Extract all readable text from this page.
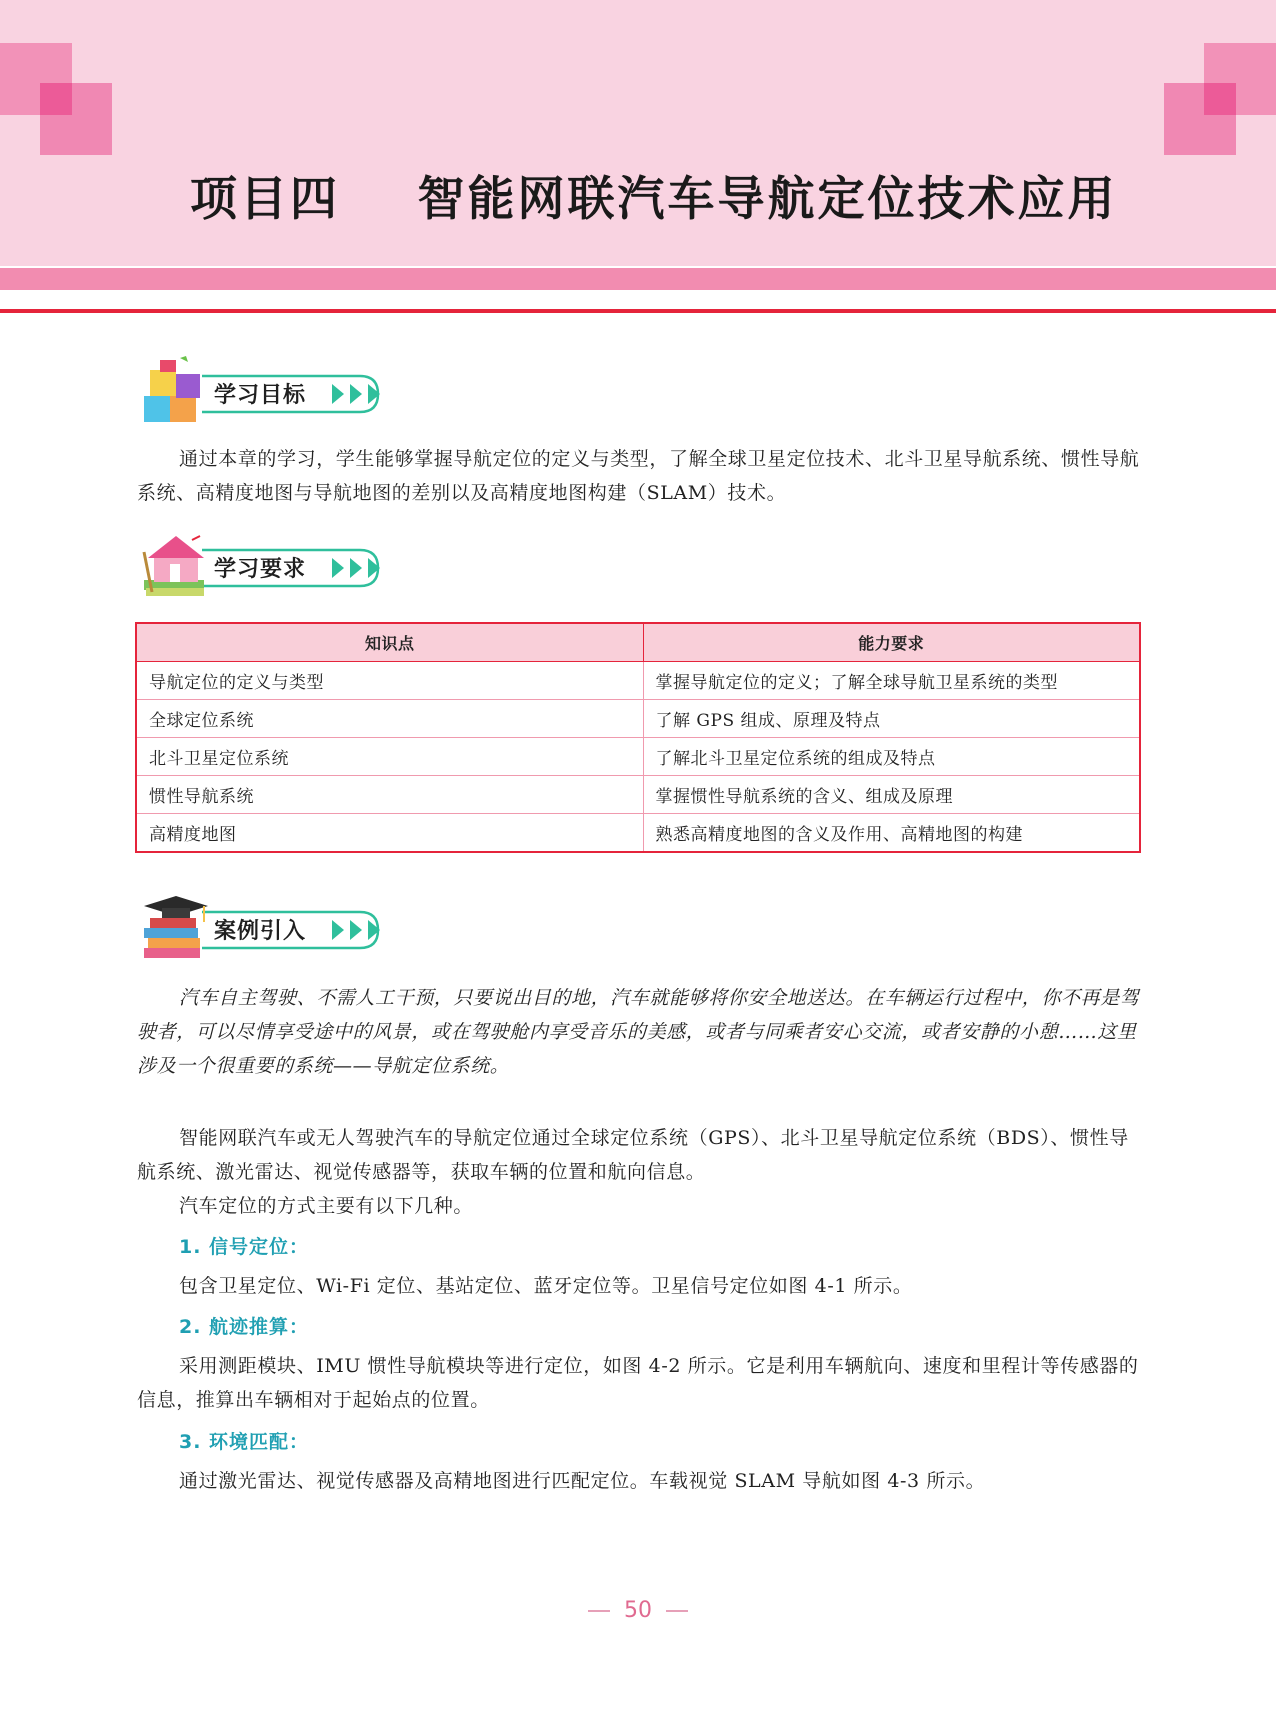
项目四    智能网联汽车导航定位技术应用
学习目标
通过本章的学习，学生能够掌握导航定位的定义与类型，了解全球卫星定位技术、北斗卫星导航系统、惯性导航系统、高精度地图与导航地图的差别以及高精度地图构建（SLAM）技术。
学习要求
知识点	能力要求
导航定位的定义与类型	掌握导航定位的定义；了解全球导航卫星系统的类型
全球定位系统	了解 GPS 组成、原理及特点
北斗卫星定位系统	了解北斗卫星定位系统的组成及特点
惯性导航系统	掌握惯性导航系统的含义、组成及原理
高精度地图	熟悉高精度地图的含义及作用、高精地图的构建
案例引入
汽车自主驾驶、不需人工干预，只要说出目的地，汽车就能够将你安全地送达。在车辆运行过程中，你不再是驾驶者，可以尽情享受途中的风景，或在驾驶舱内享受音乐的美感，或者与同乘者安心交流，或者安静的小憩……这里涉及一个很重要的系统——导航定位系统。
智能网联汽车或无人驾驶汽车的导航定位通过全球定位系统（GPS）、北斗卫星导航定位系统（BDS）、惯性导航系统、激光雷达、视觉传感器等，获取车辆的位置和航向信息。
汽车定位的方式主要有以下几种。
1. 信号定位：
包含卫星定位、Wi-Fi 定位、基站定位、蓝牙定位等。卫星信号定位如图 4-1 所示。
2. 航迹推算：
采用测距模块、IMU 惯性导航模块等进行定位，如图 4-2 所示。它是利用车辆航向、速度和里程计等传感器的信息，推算出车辆相对于起始点的位置。
3. 环境匹配：
通过激光雷达、视觉传感器及高精地图进行匹配定位。车载视觉 SLAM 导航如图 4-3 所示。
50
